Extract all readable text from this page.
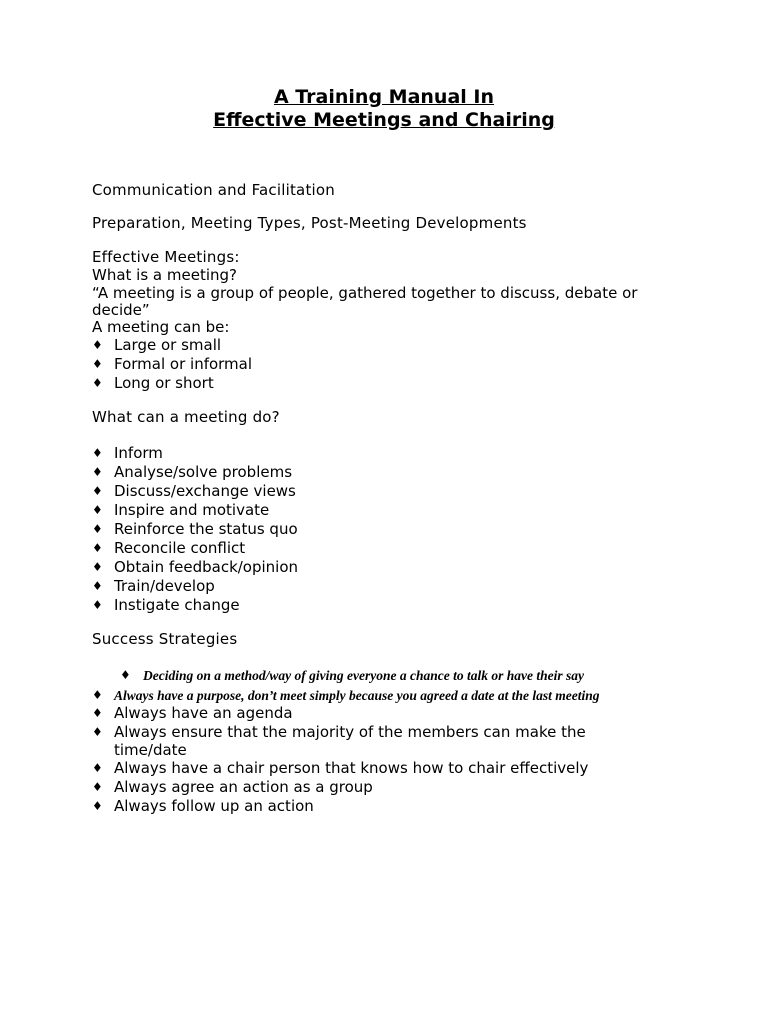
A Training Manual In
Effective Meetings and Chairing
Communication and Facilitation
Preparation, Meeting Types, Post-Meeting Developments
Effective Meetings:
What is a meeting?
“A meeting is a group of people, gathered together to discuss, debate or
decide”
A meeting can be:
♦ Large or small
♦ Formal or informal
♦ Long or short
What can a meeting do?
♦ Inform
♦ Analyse/solve problems
♦ Discuss/exchange views
♦ Inspire and motivate
♦ Reinforce the status quo
♦ Reconcile conflict
♦ Obtain feedback/opinion
♦ Train/develop
♦ Instigate change
Success Strategies
♦ Deciding on a method/way of giving everyone a chance to talk or have their say
♦ Always have a purpose, don’t meet simply because you agreed a date at the last meeting
♦ Always have an agenda
♦ Always ensure that the majority of the members can make the
time/date
♦ Always have a chair person that knows how to chair effectively
♦ Always agree an action as a group
♦ Always follow up an action
